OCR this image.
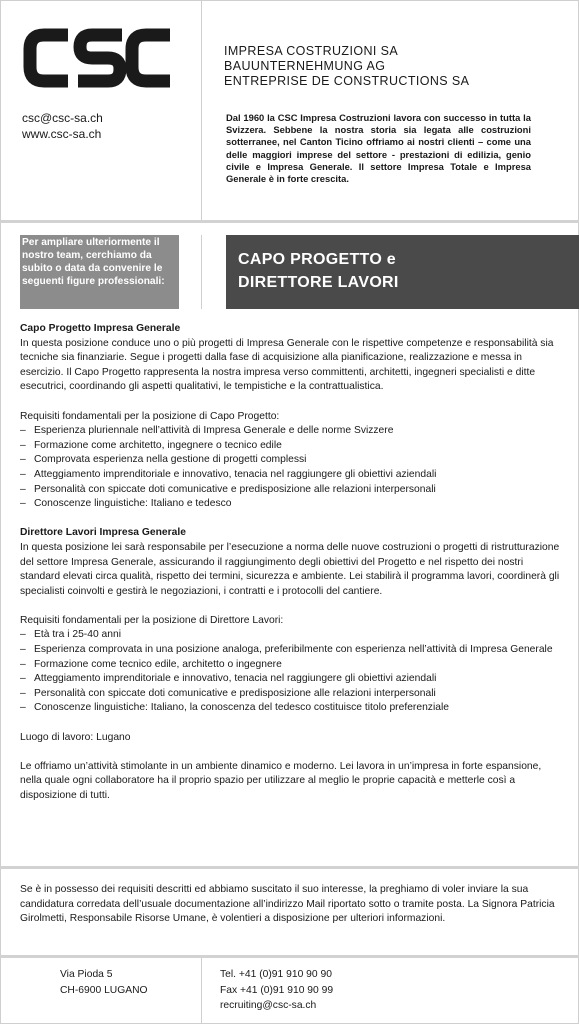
IMPRESA COSTRUZIONI SA
BAUUNTERNEHMUNG AG
ENTREPRISE DE CONSTRUCTIONS SA
csc@csc-sa.ch
www.csc-sa.ch
Dal 1960 la CSC Impresa Costruzioni lavora con successo in tutta la Svizzera. Sebbene la nostra storia sia legata alle costruzioni sotterranee, nel Canton Ticino offriamo ai nostri clienti – come una delle maggiori imprese del settore - prestazioni di edilizia, genio civile e Impresa Generale. Il settore Impresa Totale e Impresa Generale è in forte crescita.
Per ampliare ulteriormente il nostro team, cerchiamo da subito o data da convenire le seguenti figure professionali:
CAPO PROGETTO e
DIRETTORE LAVORI

Capo Progetto Impresa Generale

In questa posizione conduce uno o più progetti di Impresa Generale con le rispettive competenze e responsabilità sia tecniche sia finanziarie. Segue i progetti dalla fase di acquisizione alla pianificazione, realizzazione e messa in esercizio. Il Capo Progetto rappresenta la nostra impresa verso committenti, architetti, ingegneri specialisti e ditte esecutrici, coordinando gli aspetti qualitativi, le tempistiche e la contrattualistica.

Requisiti fondamentali per la posizione di Capo Progetto:

– Esperienza pluriennale nell’attività di Impresa Generale e delle norme Svizzere
– Formazione come architetto, ingegnere o tecnico edile
– Comprovata esperienza nella gestione di progetti complessi
– Atteggiamento imprenditoriale e innovativo, tenacia nel raggiungere gli obiettivi aziendali
– Personalità con spiccate doti comunicative e predisposizione alle relazioni interpersonali
– Conoscenze linguistiche: Italiano e tedesco

Direttore Lavori Impresa Generale

In questa posizione lei sarà responsabile per l’esecuzione a norma delle nuove costruzioni o progetti di ristrutturazione del settore Impresa Generale, assicurando il raggiungimento degli obiettivi del Progetto e nel rispetto dei nostri standard elevati circa qualità, rispetto dei termini, sicurezza e ambiente. Lei stabilirà il programma lavori, coordinerà gli specialisti coinvolti e gestirà le negoziazioni, i contratti e i protocolli del cantiere.

Requisiti fondamentali per la posizione di Direttore Lavori:

– Età tra i 25-40 anni
– Esperienza comprovata in una posizione analoga, preferibilmente con esperienza nell’attività di Impresa Generale
– Formazione come tecnico edile, architetto o ingegnere
– Atteggiamento imprenditoriale e innovativo, tenacia nel raggiungere gli obiettivi aziendali
– Personalità con spiccate doti comunicative e predisposizione alle relazioni interpersonali
– Conoscenze linguistiche: Italiano, la conoscenza del tedesco costituisce titolo preferenziale

Luogo di lavoro: Lugano

Le offriamo un’attività stimolante in un ambiente dinamico e moderno. Lei lavora in un’impresa in forte espansione, nella quale ogni collaboratore ha il proprio spazio per utilizzare al meglio le proprie capacità e metterle così a disposizione di tutti.

Se è in possesso dei requisiti descritti ed abbiamo suscitato il suo interesse, la preghiamo di voler inviare la sua candidatura corredata dell’usuale documentazione all’indirizzo Mail riportato sotto o tramite posta. La Signora Patricia Girolmetti, Responsabile Risorse Umane, è volentieri a disposizione per ulteriori informazioni.
Via Pioda 5
CH-6900 LUGANO
Tel. +41 (0)91 910 90 90
Fax +41 (0)91 910 90 99
recruiting@csc-sa.ch
